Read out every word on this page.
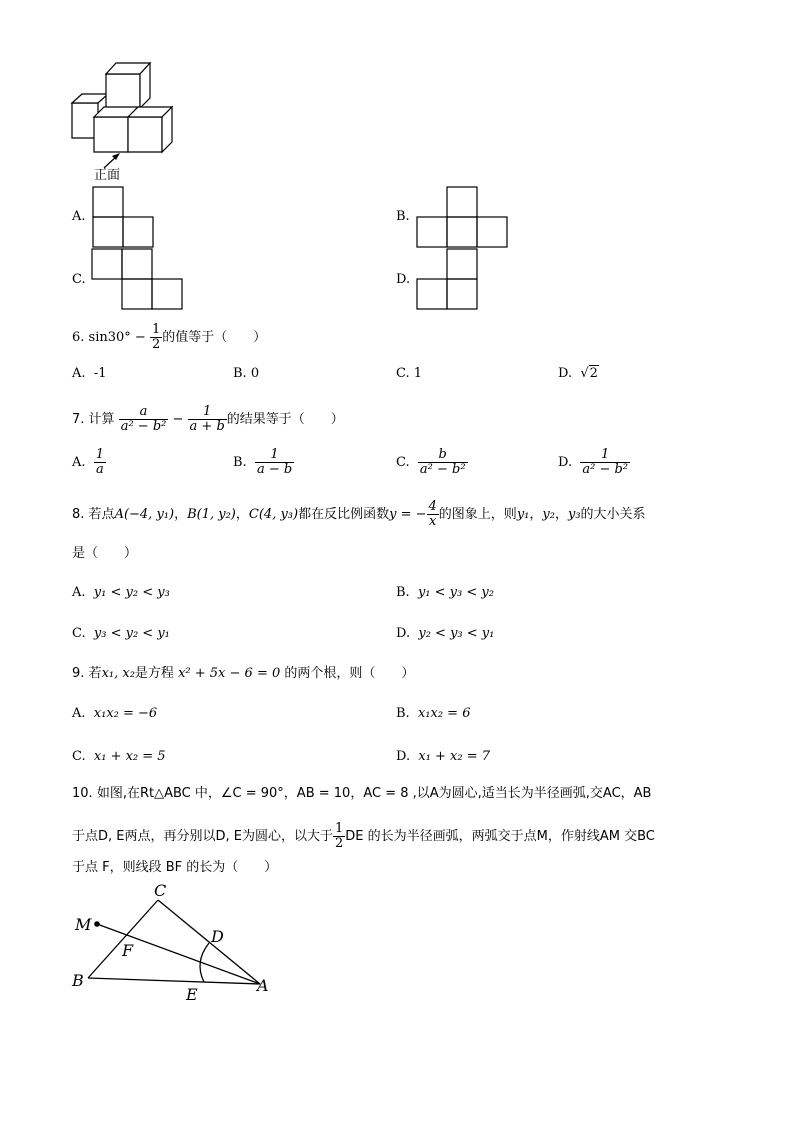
正面
A.	B.
C.	D.
6. $\sin 30^\circ - \frac{1}{2}$ 的值等于（　　）
A. -1	B. 0	C. 1	D. √2
7. 计算 $\frac{a}{\text{a² − b²}} - \frac{1}{a + b}$ 的结果等于（　　）
A. $\frac{1}{a}$	B. $\frac{1}{a - b}$	C. $\frac{b}{\text{a² − b²}}$	D. $\frac{1}{\text{a² − b²}}$
8. 若点A(−4, y₁)，B(1, y₂)，C(4, y₃)都在反比例函数y = − $\frac{4}{x}$ 的图象上，则y₁，y₂，y₃的大小关系
是（　　）
A. y₁ < y₂ < y₃	B. y₁ < y₃ < y₂
C. y₃ < y₂ < y₁	D. y₂ < y₃ < y₁
9. 若x₁, x₂是方程 x² + 5x − 6 = 0 的两个根，则（　　）
A. x₁x₂ = −6	B. x₁x₂ = 6
C. x₁ + x₂ = 5	D. x₁ + x₂ = 7
10. 如图,在Rt△ABC 中，∠C = 90°，AB = 10，AC = 8 ,以A为圆心,适当长为半径画弧,交AC，AB
于点D, E两点，再分别以D, E为圆心，以大于 $\frac{1}{2}$ DE 的长为半径画弧，两弧交于点M，作射线AM 交BC
于点 F，则线段 BF 的长为（　　）
C
M
D
F
B
E	A
